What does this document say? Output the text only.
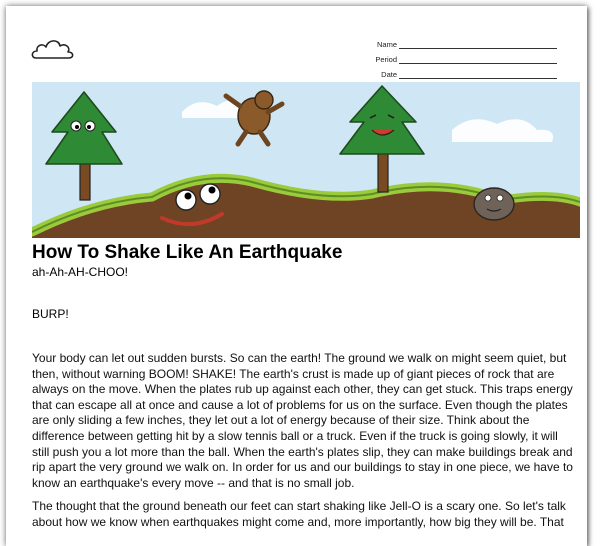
Name
Period
Date
How To Shake Like An Earthquake
ah-Ah-AH-CHOO!
BURP!

Your body can let out sudden bursts. So can the earth! The ground we walk on might seem quiet, but then, without warning BOOM! SHAKE! The earth's crust is made up of giant pieces of rock that are always on the move. When the plates rub up against each other, they can get stuck. This traps energy that can escape all at once and cause a lot of problems for us on the surface. Even though the plates are only sliding a few inches, they let out a lot of energy because of their size. Think about the difference between getting hit by a slow tennis ball or a truck. Even if the truck is going slowly, it will still push you a lot more than the ball. When the earth's plates slip, they can make buildings break and rip apart the very ground we walk on. In order for us and our buildings to stay in one piece, we have to know an earthquake's every move -- and that is no small job.

The thought that the ground beneath our feet can start shaking like Jell-O is a scary one. So let's talk about how we know when earthquakes might come and, more importantly, how big they will be. That
